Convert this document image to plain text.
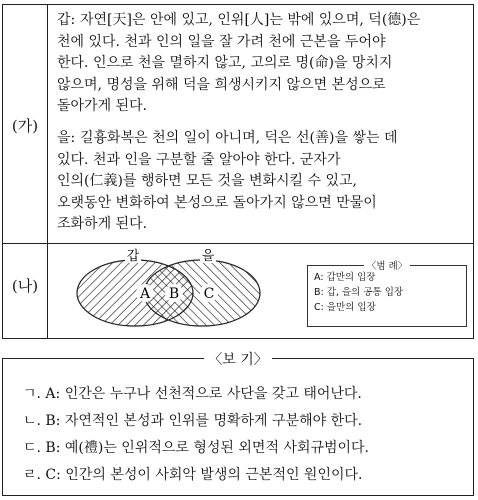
(가)
(나)
갑: 자연[天]은 안에 있고, 인위[人]는 밖에 있으며, 덕(德)은
천에 있다. 천과 인의 일을 잘 가려 천에 근본을 두어야
한다. 인으로 천을 멸하지 않고, 고의로 명(命)을 망치지
않으며, 명성을 위해 덕을 희생시키지 않으면 본성으로
돌아가게 된다.
을: 길흉화복은 천의 일이 아니며, 덕은 선(善)을 쌓는 데
있다. 천과 인을 구분할 줄 알아야 한다. 군자가
인의(仁義)를 행하면 모든 것을 변화시킬 수 있고,
오랫동안 변화하여 본성으로 돌아가지 않으면 만물이
조화하게 된다.
갑	을
A B C
〈범 례〉
A: 갑만의 입장
B: 갑, 을의 공통 입장
C: 을만의 입장
〈보 기〉
ㄱ. A: 인간은 누구나 선천적으로 사단을 갖고 태어난다.
ㄴ. B: 자연적인 본성과 인위를 명확하게 구분해야 한다.
ㄷ. B: 예(禮)는 인위적으로 형성된 외면적 사회규범이다.
ㄹ. C: 인간의 본성이 사회악 발생의 근본적인 원인이다.
